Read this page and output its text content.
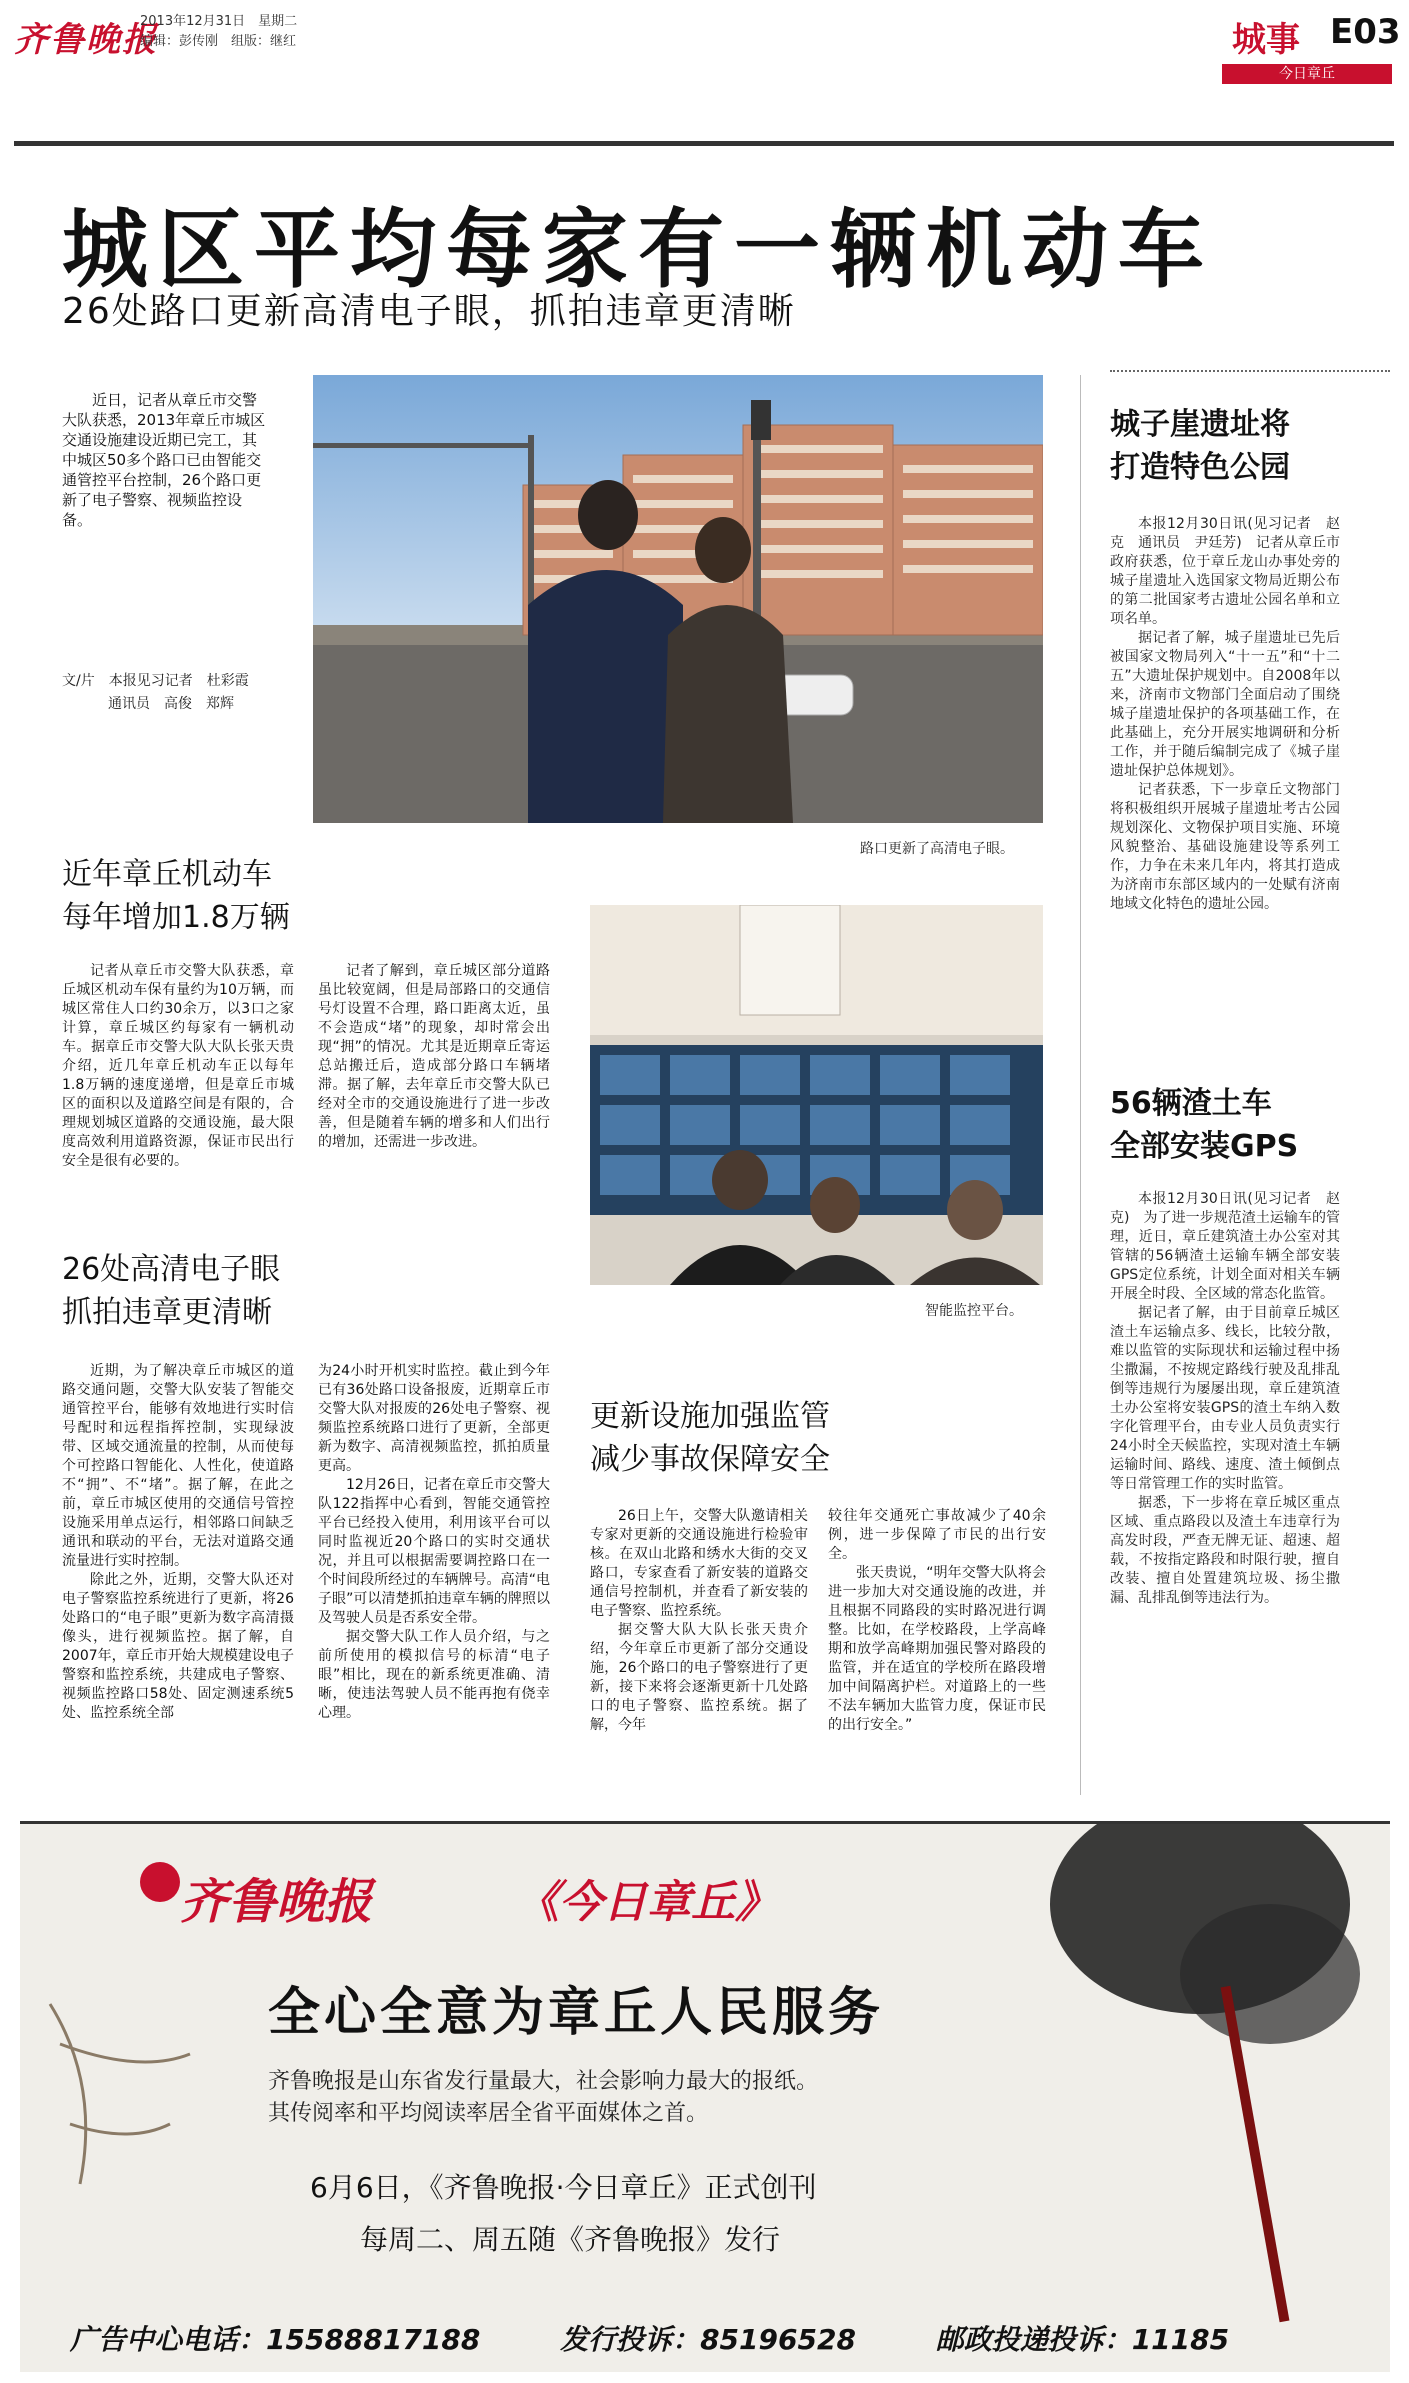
齐鲁晚报
2013年12月31日　星期二
编辑：彭传刚　组版：继红	城事 E03
今日章丘
城区平均每家有一辆机动车
26处路口更新高清电子眼，抓拍违章更清晰
近日，记者从章丘市交警大队获悉，2013年章丘市城区交通设施建设近期已完工，其中城区50多个路口已由智能交通管控平台控制，26个路口更新了电子警察、视频监控设备。
文/片　本报见习记者　杜彩霞
通讯员　高俊　郑辉
路口更新了高清电子眼。
智能监控平台。
近年章丘机动车
每年增加1.8万辆
记者从章丘市交警大队获悉，章丘城区机动车保有量约为10万辆，而城区常住人口约30余万，以3口之家计算，章丘城区约每家有一辆机动车。据章丘市交警大队大队长张天贵介绍，近几年章丘机动车正以每年1.8万辆的速度递增，但是章丘市城区的面积以及道路空间是有限的，合理规划城区道路的交通设施，最大限度高效利用道路资源，保证市民出行安全是很有必要的。
记者了解到，章丘城区部分道路虽比较宽阔，但是局部路口的交通信号灯设置不合理，路口距离太近，虽不会造成“堵”的现象，却时常会出现“拥”的情况。尤其是近期章丘寄运总站搬迁后，造成部分路口车辆堵滞。据了解，去年章丘市交警大队已经对全市的交通设施进行了进一步改善，但是随着车辆的增多和人们出行的增加，还需进一步改进。
26处高清电子眼
抓拍违章更清晰

近期，为了解决章丘市城区的道路交通问题，交警大队安装了智能交通管控平台，能够有效地进行实时信号配时和远程指挥控制，实现绿波带、区域交通流量的控制，从而使每个可控路口智能化、人性化，使道路不“拥”、不“堵”。据了解，在此之前，章丘市城区使用的交通信号管控设施采用单点运行，相邻路口间缺乏通讯和联动的平台，无法对道路交通流量进行实时控制。

除此之外，近期，交警大队还对电子警察监控系统进行了更新，将26处路口的“电子眼”更新为数字高清摄像头，进行视频监控。据了解，自2007年，章丘市开始大规模建设电子警察和监控系统，共建成电子警察、视频监控路口58处、固定测速系统5处、监控系统全部

为24小时开机实时监控。截止到今年已有36处路口设备报废，近期章丘市交警大队对报废的26处电子警察、视频监控系统路口进行了更新，全部更新为数字、高清视频监控，抓拍质量更高。

12月26日，记者在章丘市交警大队122指挥中心看到，智能交通管控平台已经投入使用，利用该平台可以同时监视近20个路口的实时交通状况，并且可以根据需要调控路口在一个时间段所经过的车辆牌号。高清“电子眼”可以清楚抓拍违章车辆的牌照以及驾驶人员是否系安全带。

据交警大队工作人员介绍，与之前所使用的模拟信号的标清“电子眼”相比，现在的新系统更准确、清晰，使违法驾驶人员不能再抱有侥幸心理。

更新设施加强监管
减少事故保障安全

26日上午，交警大队邀请相关专家对更新的交通设施进行检验审核。在双山北路和绣水大街的交叉路口，专家查看了新安装的道路交通信号控制机，并查看了新安装的电子警察、监控系统。

据交警大队大队长张天贵介绍，今年章丘市更新了部分交通设施，26个路口的电子警察进行了更新，接下来将会逐渐更新十几处路口的电子警察、监控系统。据了解，今年

较往年交通死亡事故减少了40余例，进一步保障了市民的出行安全。

张天贵说，“明年交警大队将会进一步加大对交通设施的改进，并且根据不同路段的实时路况进行调整。比如，在学校路段，上学高峰期和放学高峰期加强民警对路段的监管，并在适宜的学校所在路段增加中间隔离护栏。对道路上的一些不法车辆加大监管力度，保证市民的出行安全。”

城子崖遗址将
打造特色公园

本报12月30日讯(见习记者　赵克　通讯员　尹廷芳)　记者从章丘市政府获悉，位于章丘龙山办事处旁的城子崖遗址入选国家文物局近期公布的第二批国家考古遗址公园名单和立项名单。

据记者了解，城子崖遗址已先后被国家文物局列入“十一五”和“十二五”大遗址保护规划中。自2008年以来，济南市文物部门全面启动了围绕城子崖遗址保护的各项基础工作，在此基础上，充分开展实地调研和分析工作，并于随后编制完成了《城子崖遗址保护总体规划》。

记者获悉，下一步章丘文物部门将积极组织开展城子崖遗址考古公园规划深化、文物保护项目实施、环境风貌整治、基础设施建设等系列工作，力争在未来几年内，将其打造成为济南市东部区域内的一处赋有济南地域文化特色的遗址公园。

56辆渣土车
全部安装GPS

本报12月30日讯(见习记者　赵克)　为了进一步规范渣土运输车的管理，近日，章丘建筑渣土办公室对其管辖的56辆渣土运输车辆全部安装GPS定位系统，计划全面对相关车辆开展全时段、全区域的常态化监管。

据记者了解，由于目前章丘城区渣土车运输点多、线长，比较分散，难以监管的实际现状和运输过程中扬尘撒漏，不按规定路线行驶及乱排乱倒等违规行为屡屡出现，章丘建筑渣土办公室将安装GPS的渣土车纳入数字化管理平台，由专业人员负责实行24小时全天候监控，实现对渣土车辆运输时间、路线、速度、渣土倾倒点等日常管理工作的实时监管。

据悉，下一步将在章丘城区重点区域、重点路段以及渣土车违章行为高发时段，严查无牌无证、超速、超载，不按指定路段和时限行驶，擅自改装、擅自处置建筑垃圾、扬尘撒漏、乱排乱倒等违法行为。

齐鲁晚报	《今日章丘》
全心全意为章丘人民服务
齐鲁晚报是山东省发行量最大，社会影响力最大的报纸。
其传阅率和平均阅读率居全省平面媒体之首。
6月6日，《齐鲁晚报·今日章丘》正式创刊
每周二、周五随《齐鲁晚报》发行
广告中心电话：15588817188	发行投诉：85196528	邮政投递投诉：11185
